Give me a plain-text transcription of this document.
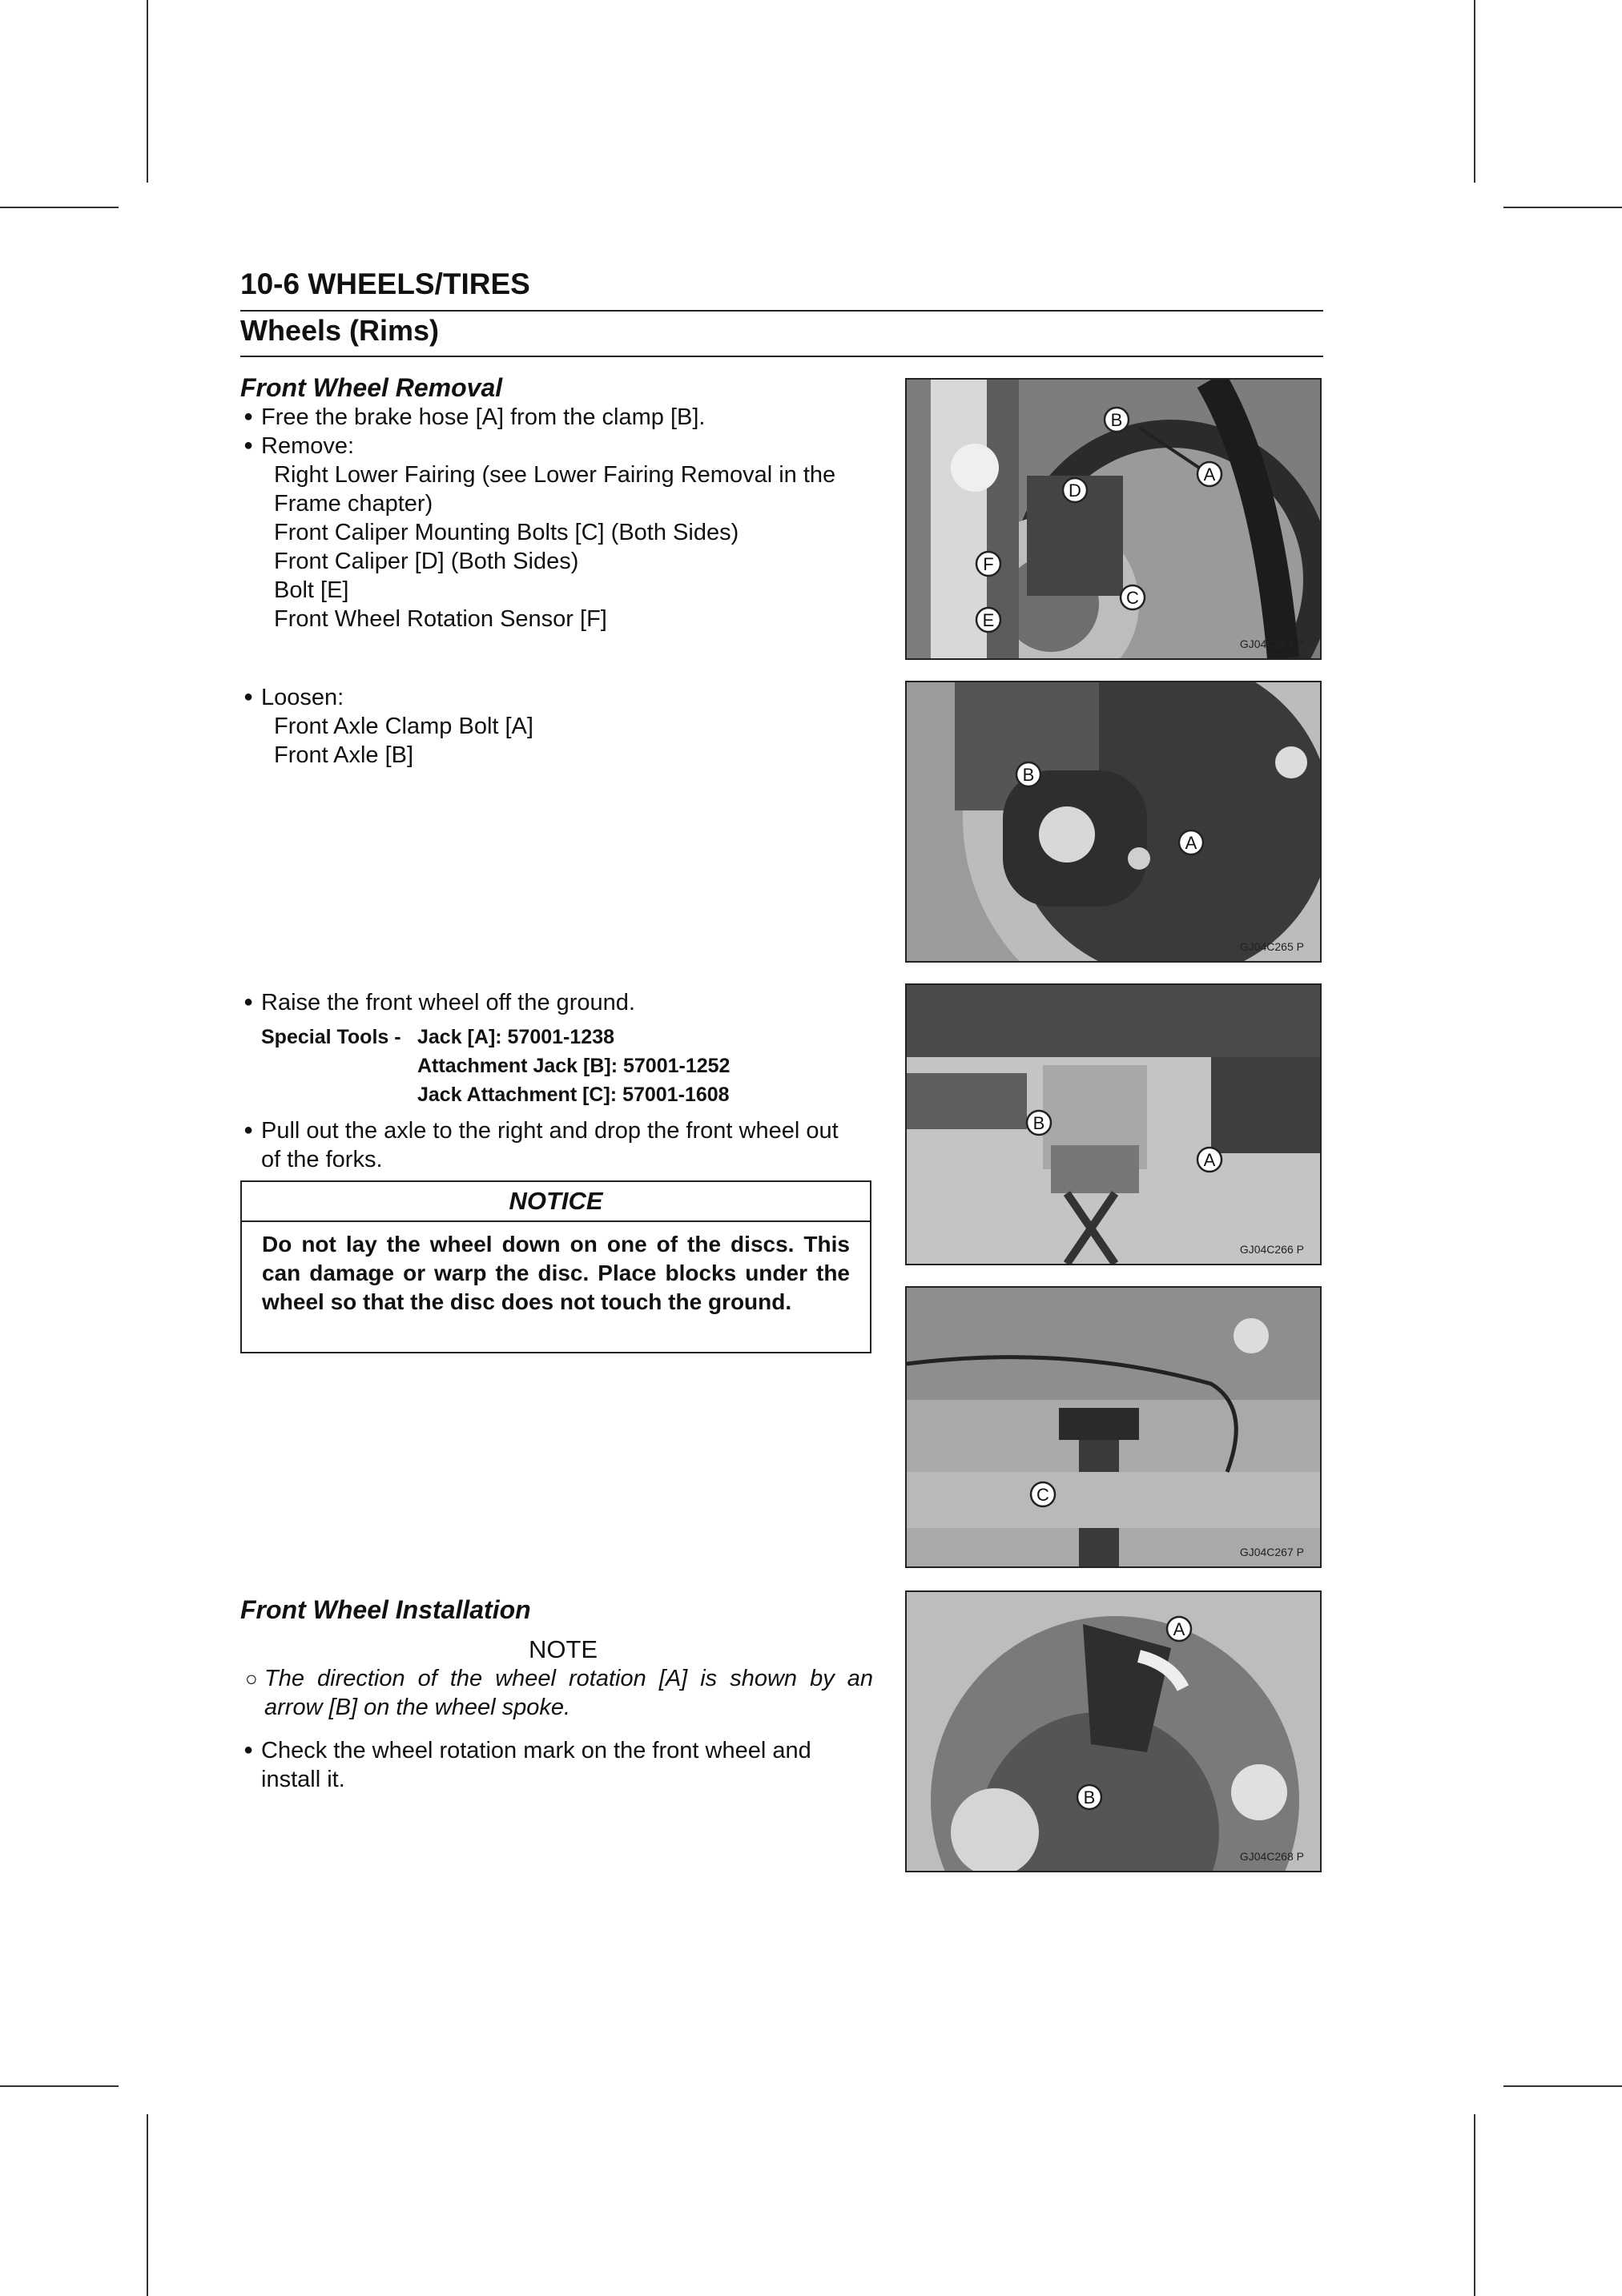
10-6 WHEELS/TIRES
Wheels (Rims)
Front Wheel Removal
● Free the brake hose [A] from the clamp [B].
● Remove:
Right Lower Fairing (see Lower Fairing Removal in the
Frame chapter)
Front Caliper Mounting Bolts [C] (Both Sides)
Front Caliper [D] (Both Sides)
Bolt [E]
Front Wheel Rotation Sensor [F]
● Loosen:
Front Axle Clamp Bolt [A]
Front Axle [B]
● Raise the front wheel off the ground.
Special Tools - Jack [A]: 57001-1238
Attachment Jack [B]: 57001-1252
Jack Attachment [C]: 57001-1608
● Pull out the axle to the right and drop the front wheel out
of the forks.
NOTICE
Do not lay the wheel down on one of the discs. This can damage or warp the disc. Place blocks under the wheel so that the disc does not touch the ground.
Front Wheel Installation
NOTE
○ The direction of the wheel rotation [A] is shown by an arrow [B] on the wheel spoke.
● Check the wheel rotation mark on the front wheel and
install it.
B
A
D
C
F
E
GJ04C264 P
B
A
GJ04C265 P
B
A
GJ04C266 P
C
GJ04C267 P
A
B
GJ04C268 P
